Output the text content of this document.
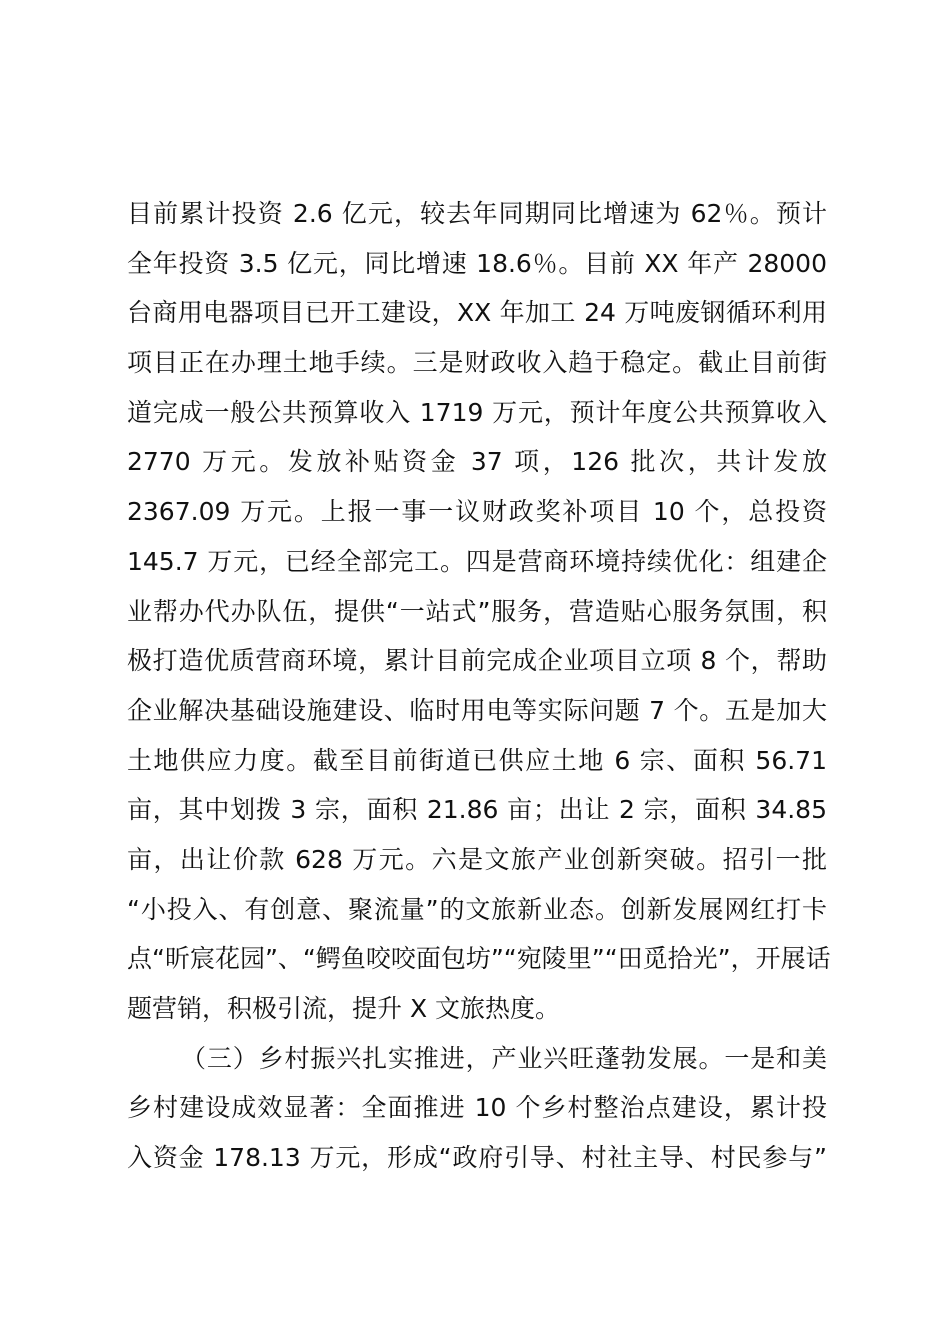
目前累计投资 2.6 亿元，较去年同期同比增速为 62％。预计
全年投资 3.5 亿元，同比增速 18.6％。目前 XX 年产 28000
台商用电器项目已开工建设，XX 年加工 24 万吨废钢循环利用
项目正在办理土地手续。三是财政收入趋于稳定。截止目前街
道完成一般公共预算收入 1719 万元，预计年度公共预算收入
2770 万元。发放补贴资金 37 项，126 批次，共计发放
2367.09 万元。上报一事一议财政奖补项目 10 个，总投资
145.7 万元，已经全部完工。四是营商环境持续优化：组建企
业帮办代办队伍，提供“一站式”服务，营造贴心服务氛围，积
极打造优质营商环境，累计目前完成企业项目立项 8 个，帮助
企业解决基础设施建设、临时用电等实际问题 7 个。五是加大
土地供应力度。截至目前街道已供应土地 6 宗、面积 56.71
亩，其中划拨 3 宗，面积 21.86 亩；出让 2 宗，面积 34.85
亩，出让价款 628 万元。六是文旅产业创新突破。招引一批
“小投入、有创意、聚流量”的文旅新业态。创新发展网红打卡
点“昕宸花园”、“鳄鱼咬咬面包坊”“宛陵里”“田觅拾光”，开展话
题营销，积极引流，提升 X 文旅热度。
（三）乡村振兴扎实推进，产业兴旺蓬勃发展。一是和美
乡村建设成效显著：全面推进 10 个乡村整治点建设，累计投
入资金 178.13 万元，形成“政府引导、村社主导、村民参与”
